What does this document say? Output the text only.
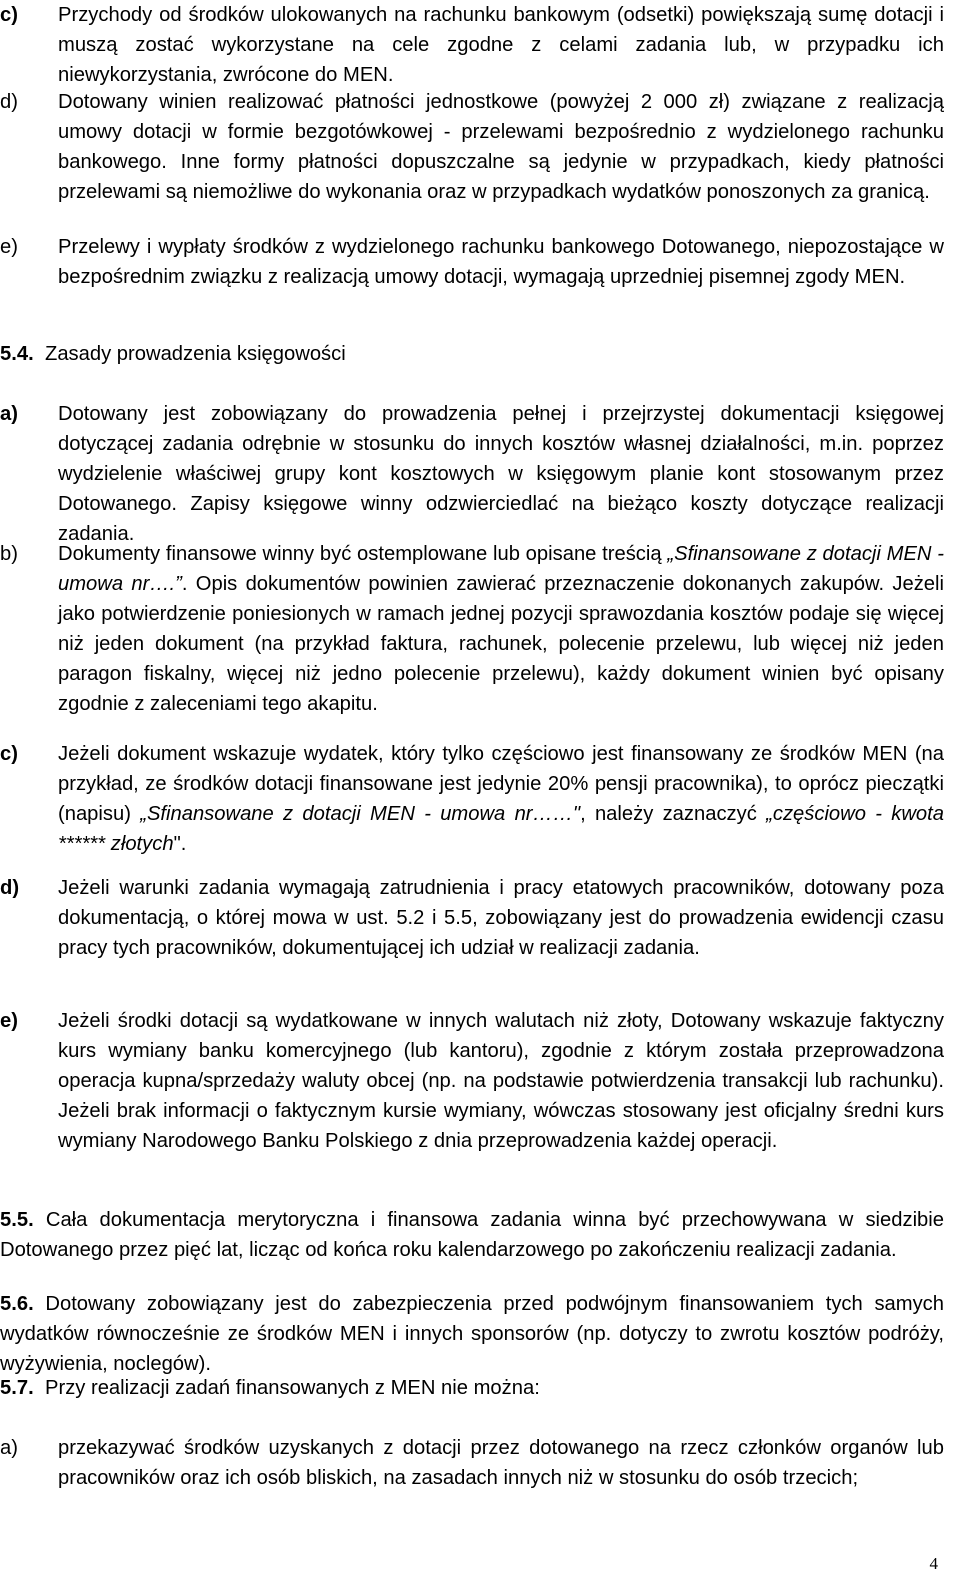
c)	Przychody od środków ulokowanych na rachunku bankowym (odsetki) powiększają sumę dotacji i muszą zostać wykorzystane na cele zgodne z celami zadania lub, w przypadku ich niewykorzystania, zwrócone do MEN.
d)	Dotowany winien realizować płatności jednostkowe (powyżej 2 000 zł) związane z realizacją umowy dotacji w formie bezgotówkowej - przelewami bezpośrednio z wydzielonego rachunku bankowego. Inne formy płatności dopuszczalne są jedynie w przypadkach, kiedy płatności przelewami są niemożliwe do wykonania oraz w przypadkach wydatków ponoszonych za granicą.
e)	Przelewy i wypłaty środków z wydzielonego rachunku bankowego Dotowanego, niepozostające w bezpośrednim związku z realizacją umowy dotacji, wymagają uprzedniej pisemnej zgody MEN.
5.4. Zasady prowadzenia księgowości
a)	Dotowany jest zobowiązany do prowadzenia pełnej i przejrzystej dokumentacji księgowej dotyczącej zadania odrębnie w stosunku do innych kosztów własnej działalności, m.in. poprzez wydzielenie właściwej grupy kont kosztowych w księgowym planie kont stosowanym przez Dotowanego. Zapisy księgowe winny odzwierciedlać na bieżąco koszty dotyczące realizacji zadania.
b)	Dokumenty finansowe winny być ostemplowane lub opisane treścią „Sfinansowane z dotacji MEN - umowa nr….”. Opis dokumentów powinien zawierać przeznaczenie dokonanych zakupów. Jeżeli jako potwierdzenie poniesionych w ramach jednej pozycji sprawozdania kosztów podaje się więcej niż jeden dokument (na przykład faktura, rachunek, polecenie przelewu, lub więcej niż jeden paragon fiskalny, więcej niż jedno polecenie przelewu), każdy dokument winien być opisany zgodnie z zaleceniami tego akapitu.
c)	Jeżeli dokument wskazuje wydatek, który tylko częściowo jest finansowany ze środków MEN (na przykład, ze środków dotacji finansowane jest jedynie 20% pensji pracownika), to oprócz pieczątki (napisu) „Sfinansowane z dotacji MEN - umowa nr……", należy zaznaczyć „częściowo - kwota ****** złotych".
d)	Jeżeli warunki zadania wymagają zatrudnienia i pracy etatowych pracowników, dotowany poza dokumentacją, o której mowa w ust. 5.2 i 5.5, zobowiązany jest do prowadzenia ewidencji czasu pracy tych pracowników, dokumentującej ich udział w realizacji zadania.
e)	Jeżeli środki dotacji są wydatkowane w innych walutach niż złoty, Dotowany wskazuje faktyczny kurs wymiany banku komercyjnego (lub kantoru), zgodnie z którym została przeprowadzona operacja kupna/sprzedaży waluty obcej (np. na podstawie potwierdzenia transakcji lub rachunku). Jeżeli brak informacji o faktycznym kursie wymiany, wówczas stosowany jest oficjalny średni kurs wymiany Narodowego Banku Polskiego z dnia przeprowadzenia każdej operacji.
5.5. Cała dokumentacja merytoryczna i finansowa zadania winna być przechowywana w siedzibie Dotowanego przez pięć lat, licząc od końca roku kalendarzowego po zakończeniu realizacji zadania.
5.6. Dotowany zobowiązany jest do zabezpieczenia przed podwójnym finansowaniem tych samych wydatków równocześnie ze środków MEN i innych sponsorów (np. dotyczy to zwrotu kosztów podróży, wyżywienia, noclegów).
5.7. Przy realizacji zadań finansowanych z MEN nie można:
a)	przekazywać środków uzyskanych z dotacji przez dotowanego na rzecz członków organów lub pracowników oraz ich osób bliskich, na zasadach innych niż w stosunku do osób trzecich;
4
